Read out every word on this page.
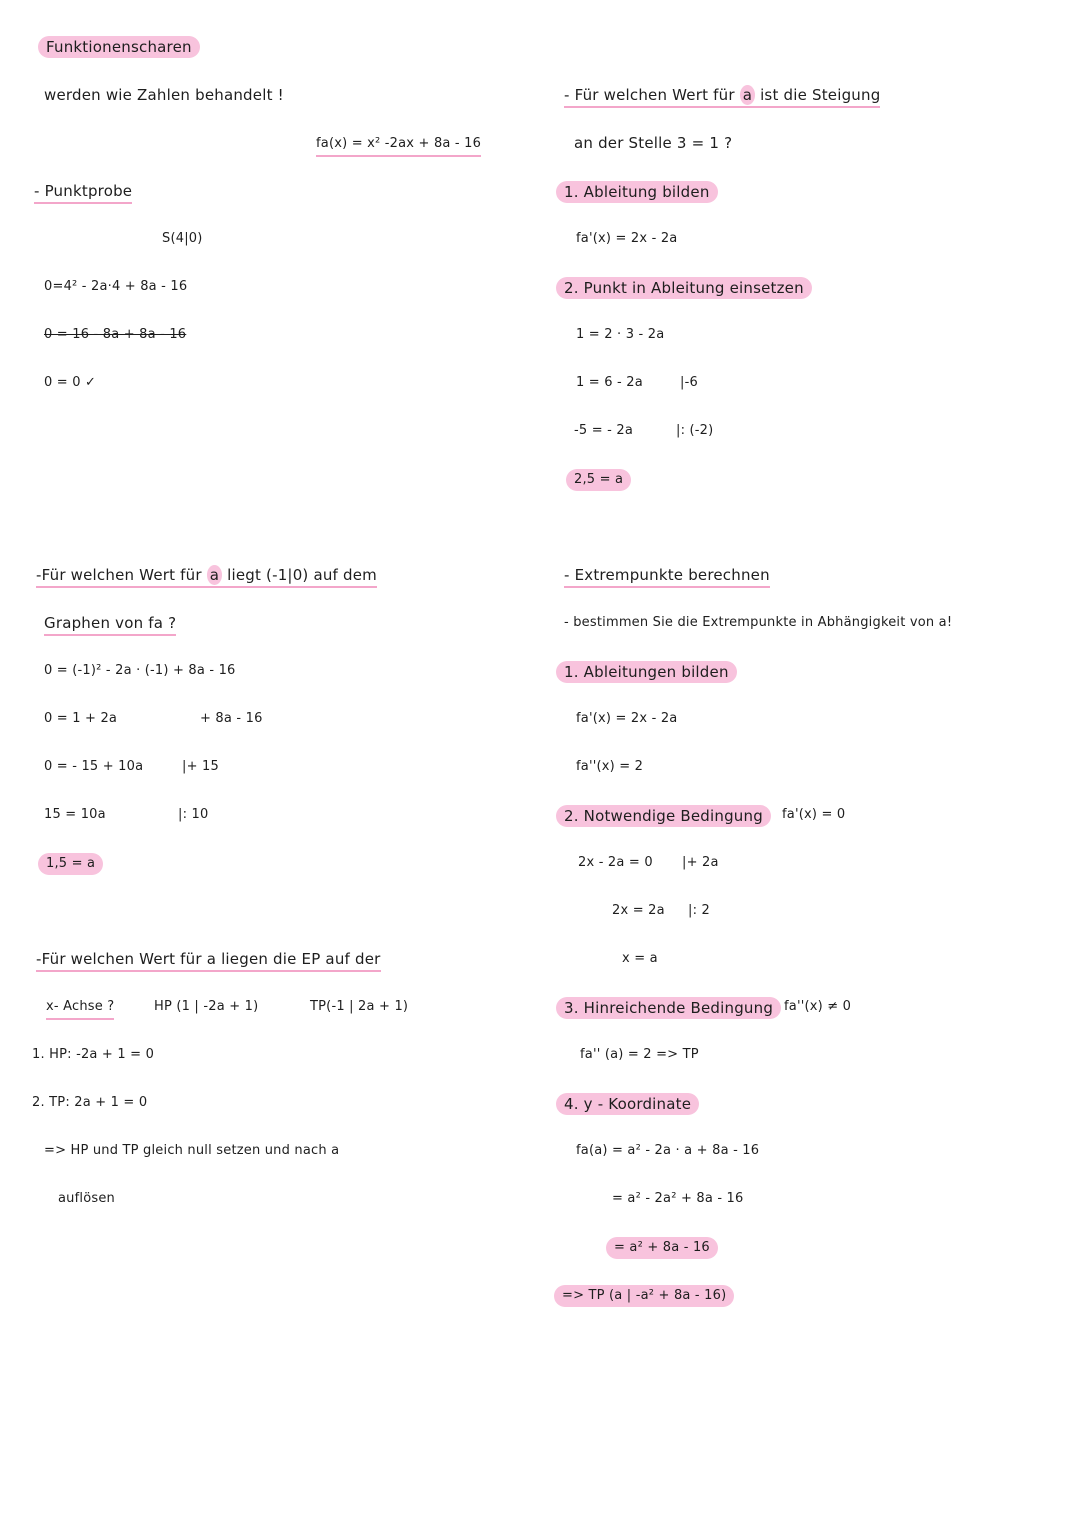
Funktionenscharen
werden wie Zahlen behandelt !
fa(x) = x² -2ax + 8a - 16
- Punktprobe
S(4|0)
0=4² - 2a·4 + 8a - 16
0 = 16 - 8a + 8a - 16
0 = 0 ✓
-Für welchen Wert für a liegt (-1|0) auf dem
Graphen von fa ?
0 = (-1)² - 2a · (-1) + 8a - 16
0 = 1 + 2a	+ 8a - 16
0 = - 15 + 10a	|+ 15
15 = 10a	|: 10
1,5 = a
-Für welchen Wert für a liegen die EP auf der
x- Achse ?	HP (1 | -2a + 1)	TP(-1 | 2a + 1)
1. HP: -2a + 1 = 0
2. TP: 2a + 1 = 0
=> HP und TP gleich null setzen und nach a
auflösen
- Für welchen Wert für a ist die Steigung
an der Stelle 3 = 1 ?
1. Ableitung bilden
fa'(x) = 2x - 2a
2. Punkt in Ableitung einsetzen
1 = 2 · 3 - 2a
1 = 6 - 2a	|-6
-5 = - 2a	|: (-2)
2,5 = a
- Extrempunkte berechnen
- bestimmen Sie die Extrempunkte in Abhängigkeit von a!
1. Ableitungen bilden
fa'(x) = 2x - 2a
fa''(x) = 2
2. Notwendige Bedingung	fa'(x) = 0
2x - 2a = 0 |+ 2a
2x = 2a |: 2
x = a
3. Hinreichende Bedingung fa''(x) ≠ 0
fa'' (a) = 2 => TP
4. y - Koordinate
fa(a) = a² - 2a · a + 8a - 16
= a² - 2a² + 8a - 16
= a² + 8a - 16
=> TP (a | -a² + 8a - 16)
